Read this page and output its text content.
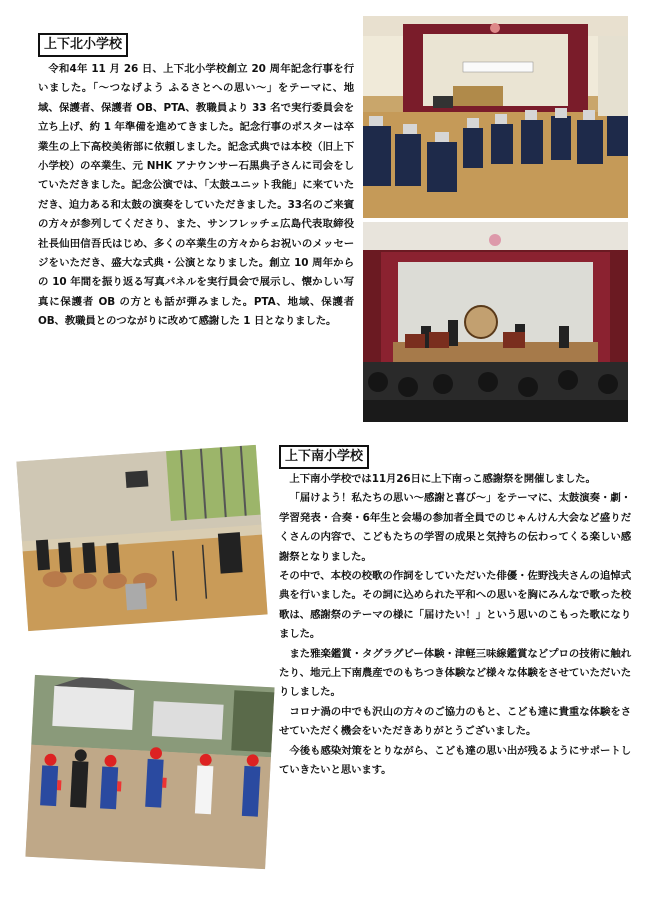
上下北小学校
令和4年 11 月 26 日、上下北小学校創立 20 周年記念行事を行いました。「～つなげよう ふるさとへの思い～」をテーマに、地域、保護者、保護者 OB、PTA、教職員より 33 名で実行委員会を立ち上げ、約 1 年準備を進めてきました。記念行事のポスターは卒業生の上下高校美術部に依頼しました。記念式典では本校（旧上下小学校）の卒業生、元 NHK アナウンサー石黒典子さんに司会をしていただきました。記念公演では、「太鼓ユニット我能」に来ていただき、迫力ある和太鼓の演奏をしていただきました。33名のご来賓の方々が参列してくださり、また、サンフレッチェ広島代表取締役社長仙田信吾氏はじめ、多くの卒業生の方々からお祝いのメッセージをいただき、盛大な式典・公演となりました。創立 10 周年からの 10 年間を振り返る写真パネルを実行員会で展示し、懐かしい写真に保護者 OB の方とも話が弾みました。PTA、地域、保護者OB、教職員とのつながりに改めて感謝した 1 日となりました。
上下南小学校

上下南小学校では11月26日に上下南っこ感謝祭を開催しました。

「届けよう！私たちの思い～感謝と喜び～」をテーマに、太鼓演奏・劇・学習発表・合奏・6年生と会場の参加者全員でのじゃんけん大会など盛りだくさんの内容で、こどもたちの学習の成果と気持ちの伝わってくる楽しい感謝祭となりました。

その中で、本校の校歌の作詞をしていただいた俳優・佐野浅夫さんの追悼式典を行いました。その詞に込められた平和への思いを胸にみんなで歌った校歌は、感謝祭のテーマの様に「届けたい！」という思いのこもった歌になりました。

また雅楽鑑賞・タグラグビー体験・津軽三味線鑑賞などプロの技術に触れたり、地元上下南農産でのもちつき体験など様々な体験をさせていただいたりしました。

コロナ渦の中でも沢山の方々のご協力のもと、こども達に貴重な体験をさせていただく機会をいただきありがとうございました。

今後も感染対策をとりながら、こども達の思い出が残るようにサポートしていきたいと思います。
